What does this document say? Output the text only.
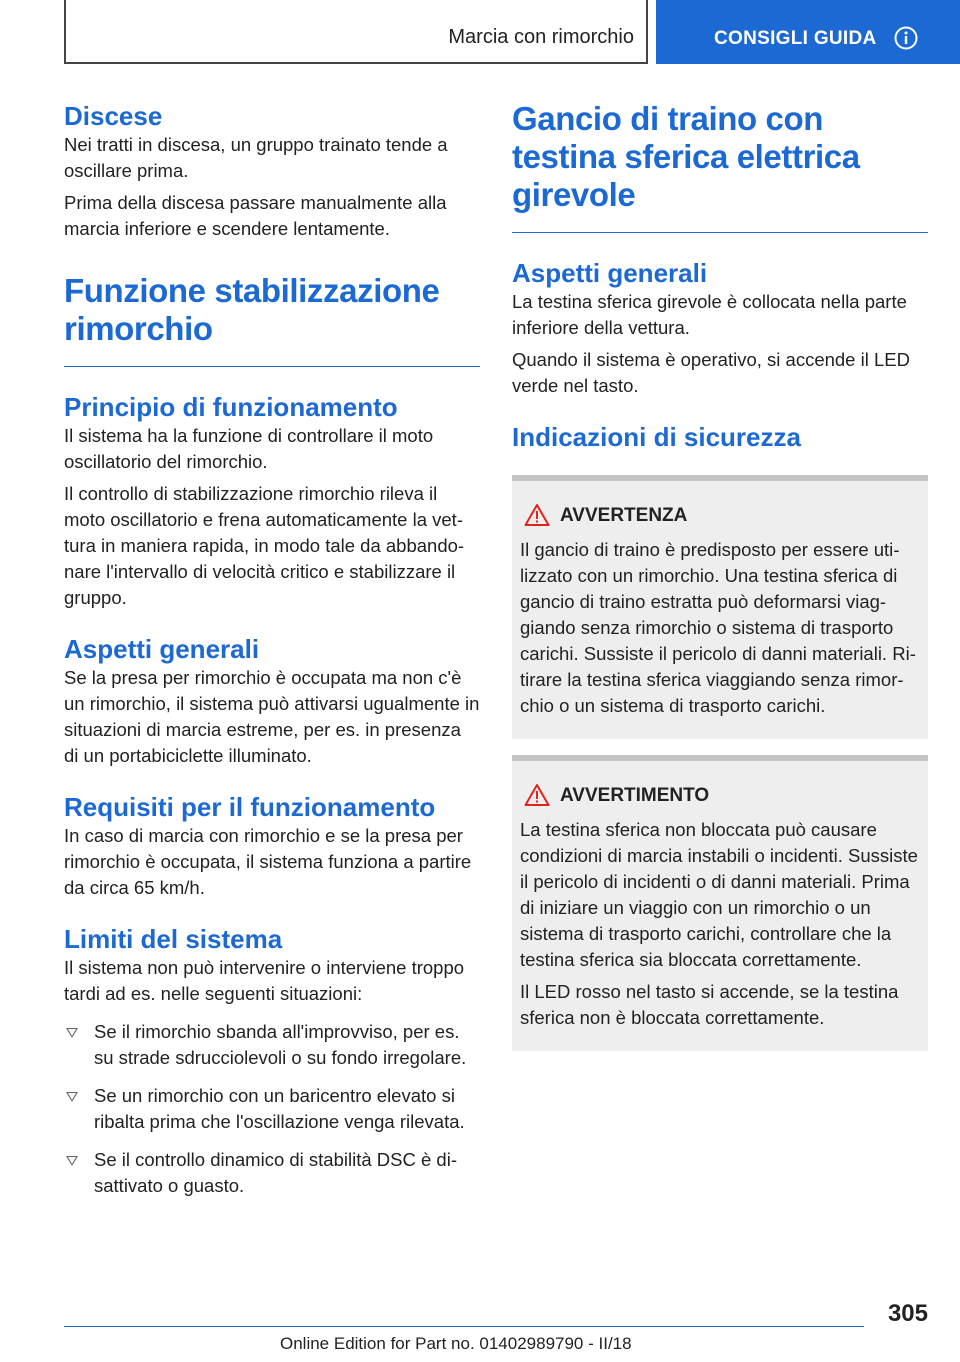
Marcia con rimorchio	CONSIGLI GUIDA
Discese

Nei tratti in discesa, un gruppo trainato tende a oscillare prima.

Prima della discesa passare manualmente alla marcia inferiore e scendere lentamente.

Funzione stabilizzazione rimorchio
Principio di funzionamento

Il sistema ha la funzione di controllare il moto oscillatorio del rimorchio.

Il controllo di stabilizzazione rimorchio rileva il moto oscillatorio e frena automaticamente la vettura in maniera rapida, in modo tale da abbandonare l'intervallo di velocità critico e stabilizzare il gruppo.

Aspetti generali

Se la presa per rimorchio è occupata ma non c'è un rimorchio, il sistema può attivarsi ugualmente in situazioni di marcia estreme, per es. in presenza di un portabiciclette illuminato.

Requisiti per il funzionamento

In caso di marcia con rimorchio e se la presa per rimorchio è occupata, il sistema funziona a partire da circa 65 km/h.

Limiti del sistema

Il sistema non può intervenire o interviene troppo tardi ad es. nelle seguenti situazioni:

Se il rimorchio sbanda all'improvviso, per es. su strade sdrucciolevoli o su fondo irregolare.
Se un rimorchio con un baricentro elevato si ribalta prima che l'oscillazione venga rilevata.
Se il controllo dinamico di stabilità DSC è disattivato o guasto.
Gancio di traino con testina sferica elettrica girevole
Aspetti generali

La testina sferica girevole è collocata nella parte inferiore della vettura.

Quando il sistema è operativo, si accende il LED verde nel tasto.

Indicazioni di sicurezza
AVVERTENZA

Il gancio di traino è predisposto per essere utilizzato con un rimorchio. Una testina sferica di gancio di traino estratta può deformarsi viaggiando senza rimorchio o sistema di trasporto carichi. Sussiste il pericolo di danni materiali. Ritirare la testina sferica viaggiando senza rimorchio o un sistema di trasporto carichi.

AVVERTIMENTO

La testina sferica non bloccata può causare condizioni di marcia instabili o incidenti. Sussiste il pericolo di incidenti o di danni materiali. Prima di iniziare un viaggio con un rimorchio o un sistema di trasporto carichi, controllare che la testina sferica sia bloccata correttamente.

Il LED rosso nel tasto si accende, se la testina sferica non è bloccata correttamente.

305
Online Edition for Part no. 01402989790 - II/18
